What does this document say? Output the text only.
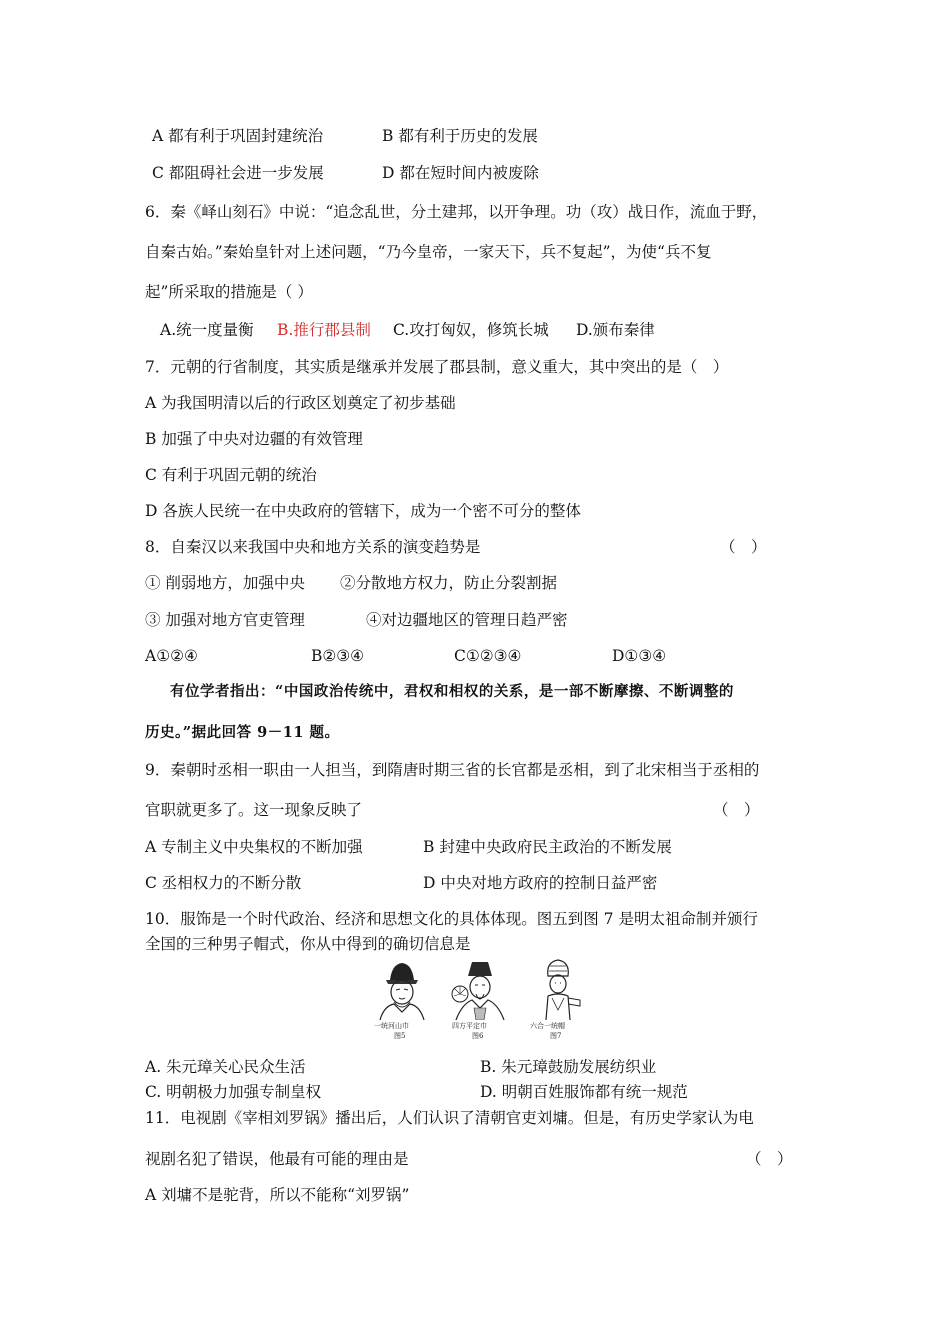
A 都有利于巩固封建统治	B 都有利于历史的发展
C 都阻碍社会进一步发展	D 都在短时间内被废除
6．秦《峄山刻石》中说：“追念乱世，分土建邦，以开争理。功（攻）战日作，流血于野，
自秦古始。”秦始皇针对上述问题，“乃今皇帝，一家天下，兵不复起”，为使“兵不复
起”所采取的措施是（ ）
A.统一度量衡 B.推行郡县制 C.攻打匈奴，修筑长城 D.颁布秦律
7．元朝的行省制度，其实质是继承并发展了郡县制，意义重大，其中突出的是（　）
A 为我国明清以后的行政区划奠定了初步基础
B 加强了中央对边疆的有效管理
C 有利于巩固元朝的统治
D 各族人民统一在中央政府的管辖下，成为一个密不可分的整体
8．自秦汉以来我国中央和地方关系的演变趋势是	（　）
① 削弱地方，加强中央 ②分散地方权力，防止分裂割据
③ 加强对地方官吏管理	④对边疆地区的管理日趋严密
A①②④	B②③④	C①②③④	D①③④
有位学者指出：“中国政治传统中，君权和相权的关系，是一部不断摩擦、不断调整的
历史。”据此回答 9－11 题。
9．秦朝时丞相一职由一人担当，到隋唐时期三省的长官都是丞相，到了北宋相当于丞相的
官职就更多了。这一现象反映了	（　）
A 专制主义中央集权的不断加强	B 封建中央政府民主政治的不断发展
C 丞相权力的不断分散	D 中央对地方政府的控制日益严密
10．服饰是一个时代政治、经济和思想文化的具体体现。图五到图 7 是明太祖命制并颁行
全国的三种男子帽式，你从中得到的确切信息是
一统河山巾
图5
四方平定巾
图6
六合一统帽
图7
A. 朱元璋关心民众生活	B. 朱元璋鼓励发展纺织业
C. 明朝极力加强专制皇权	D. 明朝百姓服饰都有统一规范
11．电视剧《宰相刘罗锅》播出后，人们认识了清朝官吏刘墉。但是，有历史学家认为电
视剧名犯了错误，他最有可能的理由是	（　）
A 刘墉不是驼背，所以不能称“刘罗锅”
